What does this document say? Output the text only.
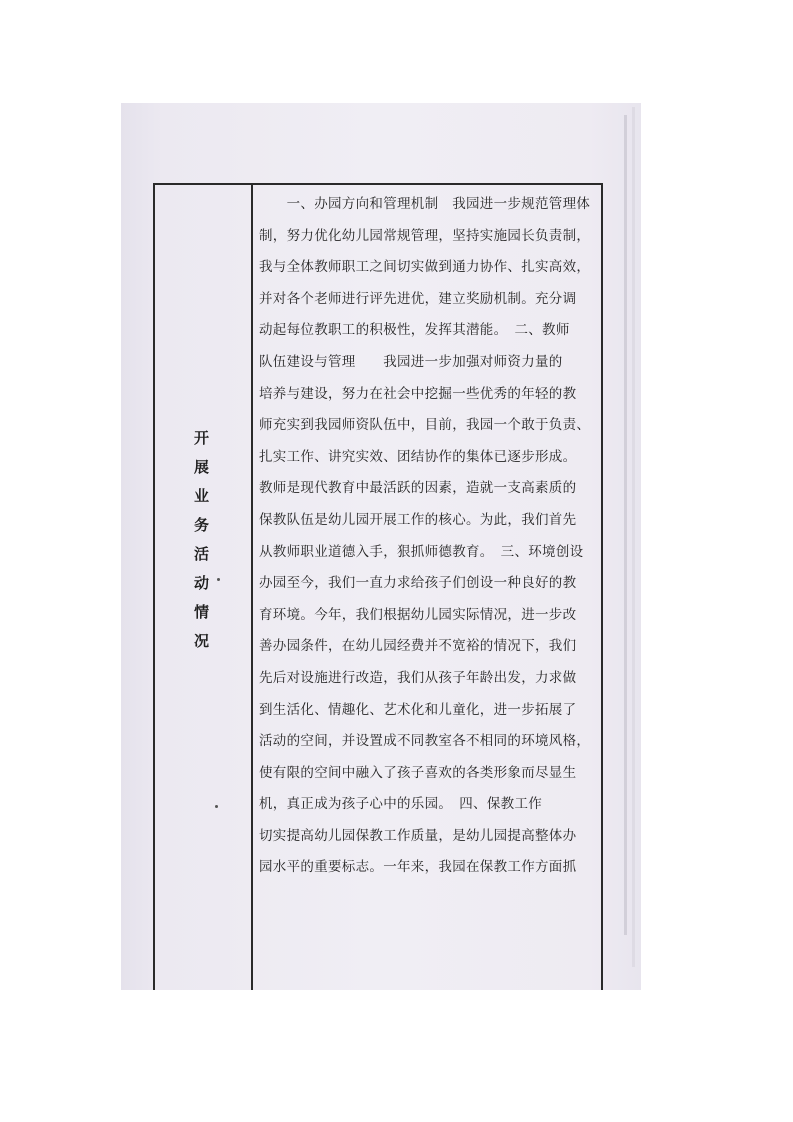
开展业务活动情况

　　一、办园方向和管理机制　我园进一步规范管理体

制，努力优化幼儿园常规管理，坚持实施园长负责制，

我与全体教师职工之间切实做到通力协作、扎实高效，

并对各个老师进行评先进优，建立奖励机制。充分调

动起每位教职工的积极性，发挥其潜能。　二、教师

队伍建设与管理　　我园进一步加强对师资力量的

培养与建设，努力在社会中挖掘一些优秀的年轻的教

师充实到我园师资队伍中，目前，我园一个敢于负责、

扎实工作、讲究实效、团结协作的集体已逐步形成。

教师是现代教育中最活跃的因素，造就一支高素质的

保教队伍是幼儿园开展工作的核心。为此，我们首先

从教师职业道德入手，狠抓师德教育。　三、环境创设

办园至今，我们一直力求给孩子们创设一种良好的教

育环境。今年，我们根据幼儿园实际情况，进一步改

善办园条件，在幼儿园经费并不宽裕的情况下，我们

先后对设施进行改造，我们从孩子年龄出发，力求做

到生活化、情趣化、艺术化和儿童化，进一步拓展了

活动的空间，并设置成不同教室各不相同的环境风格，

使有限的空间中融入了孩子喜欢的各类形象而尽显生

机，真正成为孩子心中的乐园。　四、保教工作

切实提高幼儿园保教工作质量，是幼儿园提高整体办

园水平的重要标志。一年来，我园在保教工作方面抓
